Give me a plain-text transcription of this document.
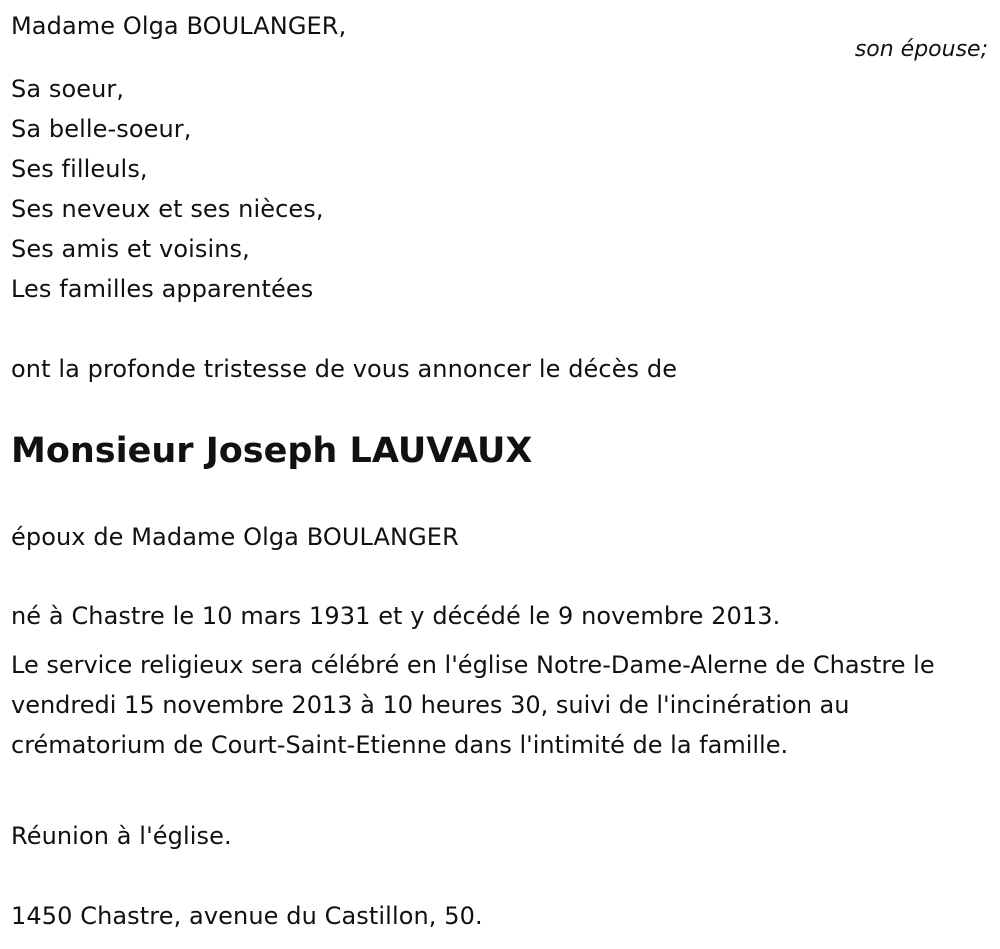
Madame Olga BOULANGER,
son épouse;
Sa soeur,
Sa belle-soeur,
Ses filleuls,
Ses neveux et ses nièces,
Ses amis et voisins,
Les familles apparentées
ont la profonde tristesse de vous annoncer le décès de
Monsieur Joseph LAUVAUX
époux de Madame Olga BOULANGER
né à Chastre le 10 mars 1931 et y décédé le 9 novembre 2013.
Le service religieux sera célébré en l'église Notre-Dame-Alerne de Chastre le vendredi 15 novembre 2013 à 10 heures 30, suivi de l'incinération au crématorium de Court-Saint-Etienne dans l'intimité de la famille.
Réunion à l'église.
1450 Chastre, avenue du Castillon, 50.
